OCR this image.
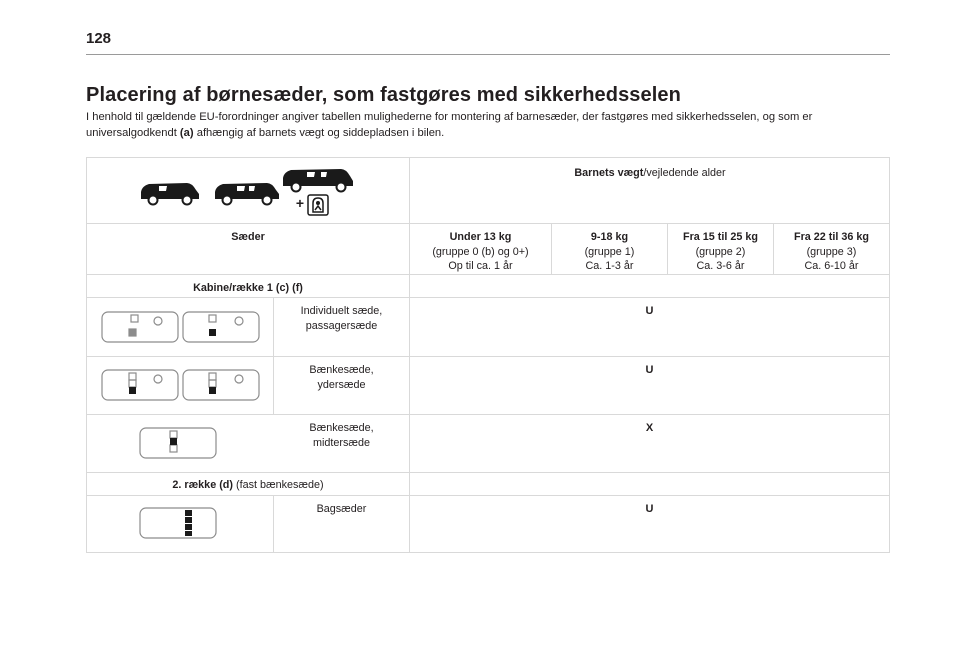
128
Placering af børnesæder, som fastgøres med sikkerhedsselen
I henhold til gældende EU-forordninger angiver tabellen mulighederne for montering af barnesæder, der fastgøres med sikkerhedsselen, og som er universalgodkendt (a) afhængig af barnets vægt og siddepladsen i bilen.
+
Barnets vægt/vejledende alder
Sæder	Under 13 kg
(gruppe 0 (b) og 0+)
Op til ca. 1 år
9-18 kg
(gruppe 1)
Ca. 1-3 år
Fra 15 til 25 kg
(gruppe 2)
Ca. 3-6 år
Fra 22 til 36 kg
(gruppe 3)
Ca. 6-10 år
Kabine/række 1 (c) (f)
Individuelt sæde,
passagersæde
U
Bænkesæde,
ydersæde
U
Bænkesæde,
midtersæde
X
2. række (d) (fast bænkesæde)
Bagsæder	U
